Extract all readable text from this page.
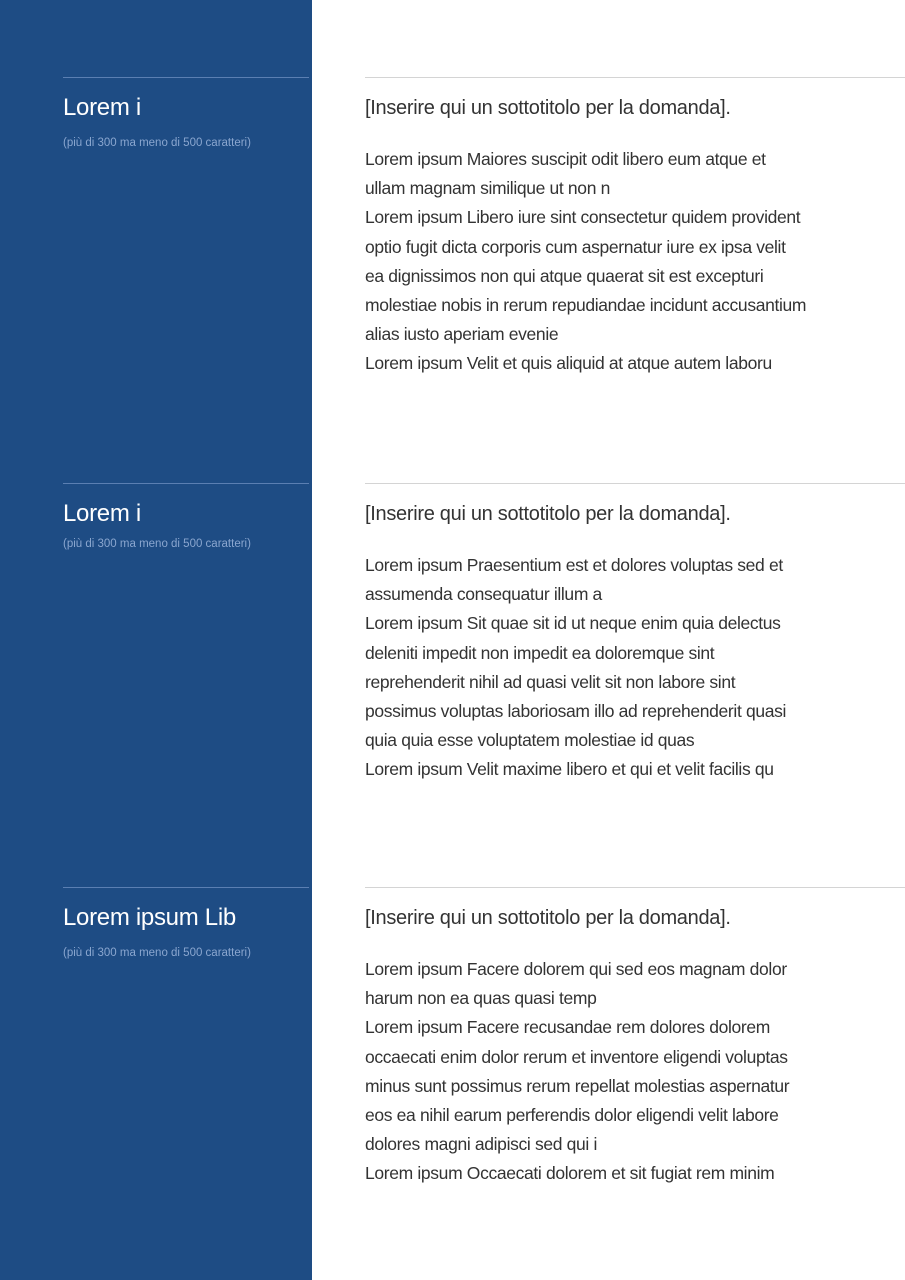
Lorem i

(più di 300 ma meno di 500 caratteri)

[Inserire qui un sottotitolo per la domanda].
Lorem ipsum Maiores suscipit odit libero eum atque et
ullam magnam similique ut non n
Lorem ipsum Libero iure sint consectetur quidem provident
optio fugit dicta corporis cum aspernatur iure ex ipsa velit
ea dignissimos non qui atque quaerat sit est excepturi
molestiae nobis in rerum repudiandae incidunt accusantium
alias iusto aperiam evenie
Lorem ipsum Velit et quis aliquid at atque autem laboru
Lorem i

(più di 300 ma meno di 500 caratteri)

[Inserire qui un sottotitolo per la domanda].
Lorem ipsum Praesentium est et dolores voluptas sed et
assumenda consequatur illum a
Lorem ipsum Sit quae sit id ut neque enim quia delectus
deleniti impedit non impedit ea doloremque sint
reprehenderit nihil ad quasi velit sit non labore sint
possimus voluptas laboriosam illo ad reprehenderit quasi
quia quia esse voluptatem molestiae id quas
Lorem ipsum Velit maxime libero et qui et velit facilis qu
Lorem ipsum Lib

(più di 300 ma meno di 500 caratteri)

[Inserire qui un sottotitolo per la domanda].
Lorem ipsum Facere dolorem qui sed eos magnam dolor
harum non ea quas quasi temp
Lorem ipsum Facere recusandae rem dolores dolorem
occaecati enim dolor rerum et inventore eligendi voluptas
minus sunt possimus rerum repellat molestias aspernatur
eos ea nihil earum perferendis dolor eligendi velit labore
dolores magni adipisci sed qui i
Lorem ipsum Occaecati dolorem et sit fugiat rem minim
